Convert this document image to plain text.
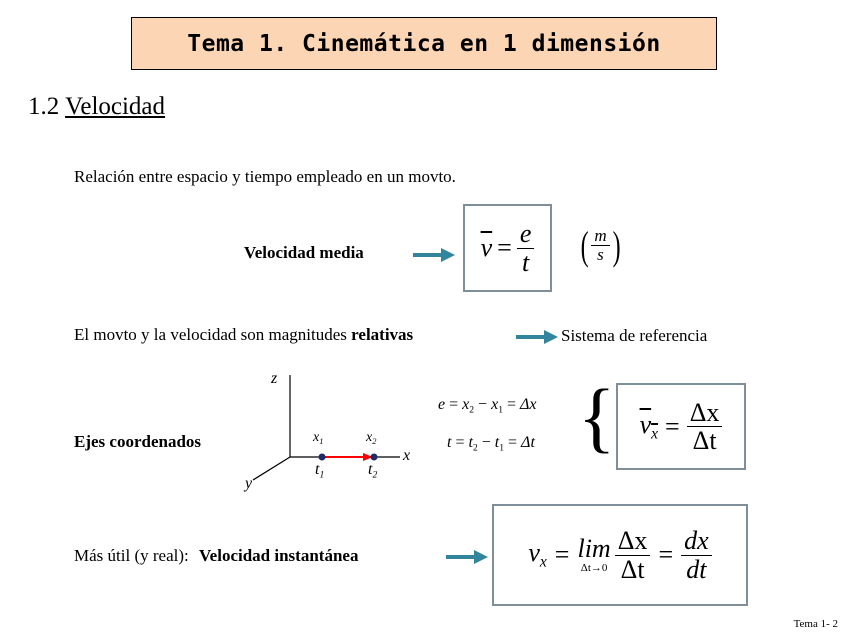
Tema 1. Cinemática en 1 dimensión
1.2 Velocidad
Relación entre espacio y tiempo empleado en un movto.
Velocidad media	$\overline{v} = \frac{e}{t}$ ( $\frac{m}{s}$ )
El movto y la velocidad son magnitudes relativas	Sistema de referencia
Ejes coordenados
z
y
x
$x_1$	$x_2$
$t_1$	$t_2$
$e = x_2 - x_1 = \Delta x$
$t = t_2 - t_1 = \Delta t$ { $v_x = \frac{\Delta x}{\Delta t}$
Más útil (y real): Velocidad instantánea	$v_x = \lim$
$\Delta t\to 0 \frac{\Delta x}{\Delta t} = \frac{dx}{dt}$
Tema 1- 2
